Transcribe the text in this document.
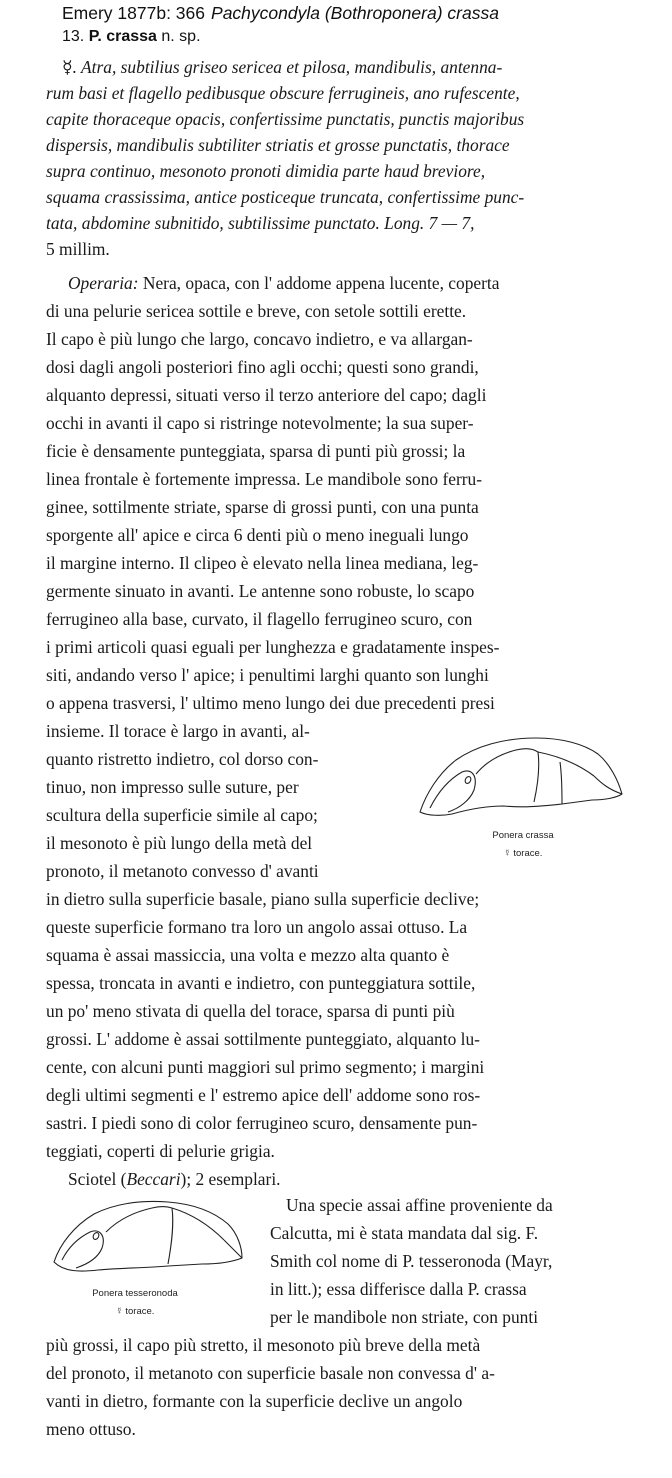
Emery 1877b: 366 Pachycondyla (Bothroponera) crassa
13. P. crassa n. sp.
☿. Atra, subtilius griseo sericea et pilosa, mandibulis, antenna-
rum basi et flagello pedibusque obscure ferrugineis, ano rufescente,
capite thoraceque opacis, confertissime punctatis, punctis majoribus
dispersis, mandibulis subtiliter striatis et grosse punctatis, thorace
supra continuo, mesonoto pronoti dimidia parte haud breviore,
squama crassissima, antice posticeque truncata, confertissime punc-
tata, abdomine subnitido, subtilissime punctato. Long. 7 — 7,
5 millim.
Operaria: Nera, opaca, con l' addome appena lucente, coperta
di una pelurie sericea sottile e breve, con setole sottili erette.
Il capo è più lungo che largo, concavo indietro, e va allargan-
dosi dagli angoli posteriori fino agli occhi; questi sono grandi,
alquanto depressi, situati verso il terzo anteriore del capo; dagli
occhi in avanti il capo si ristringe notevolmente; la sua super-
ficie è densamente punteggiata, sparsa di punti più grossi; la
linea frontale è fortemente impressa. Le mandibole sono ferru-
ginee, sottilmente striate, sparse di grossi punti, con una punta
sporgente all' apice e circa 6 denti più o meno ineguali lungo
il margine interno. Il clipeo è elevato nella linea mediana, leg-
germente sinuato in avanti. Le antenne sono robuste, lo scapo
ferrugineo alla base, curvato, il flagello ferrugineo scuro, con
i primi articoli quasi eguali per lunghezza e gradatamente inspes-
siti, andando verso l' apice; i penultimi larghi quanto son lunghi
o appena trasversi, l' ultimo meno lungo dei due precedenti presi
insieme. Il torace è largo in avanti, al-
quanto ristretto indietro, col dorso con-
tinuo, non impresso sulle suture, per
scultura della superficie simile al capo;
il mesonoto è più lungo della metà del
pronoto, il metanoto convesso d' avanti
Ponera crassa
☿ torace.
in dietro sulla superficie basale, piano sulla superficie declive;
queste superficie formano tra loro un angolo assai ottuso. La
squama è assai massiccia, una volta e mezzo alta quanto è
spessa, troncata in avanti e indietro, con punteggiatura sottile,
un po' meno stivata di quella del torace, sparsa di punti più
grossi. L' addome è assai sottilmente punteggiato, alquanto lu-
cente, con alcuni punti maggiori sul primo segmento; i margini
degli ultimi segmenti e l' estremo apice dell' addome sono ros-
sastri. I piedi sono di color ferrugineo scuro, densamente pun-
teggiati, coperti di pelurie grigia.
Sciotel (Beccari); 2 esemplari.
Ponera tesseronoda
☿ torace.
Una specie assai affine proveniente da
Calcutta, mi è stata mandata dal sig. F.
Smith col nome di P. tesseronoda (Mayr,
in litt.); essa differisce dalla P. crassa
per le mandibole non striate, con punti
più grossi, il capo più stretto, il mesonoto più breve della metà
del pronoto, il metanoto con superficie basale non convessa d' a-
vanti in dietro, formante con la superficie declive un angolo
meno ottuso.
